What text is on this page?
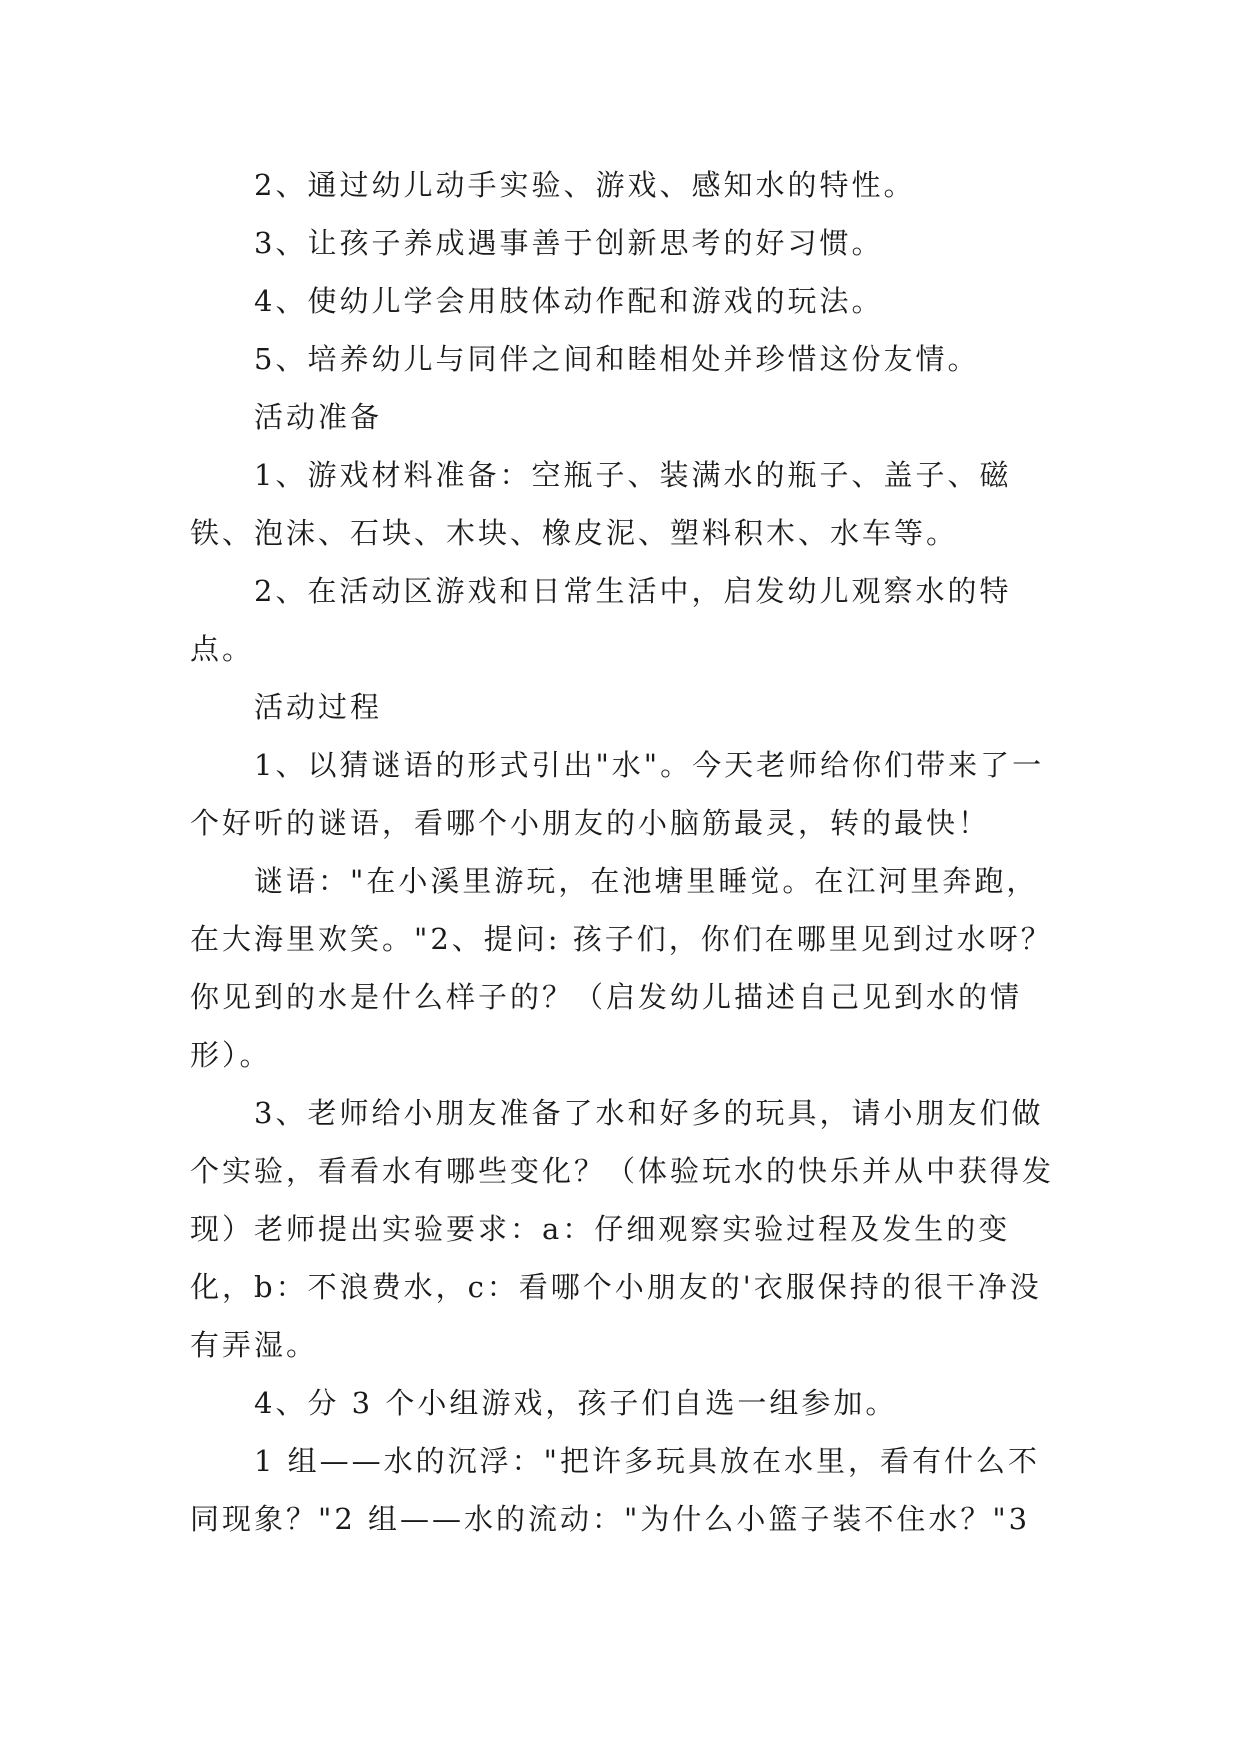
2、通过幼儿动手实验、游戏、感知水的特性。

3、让孩子养成遇事善于创新思考的好习惯。

4、使幼儿学会用肢体动作配和游戏的玩法。

5、培养幼儿与同伴之间和睦相处并珍惜这份友情。

活动准备

1、游戏材料准备：空瓶子、装满水的瓶子、盖子、磁铁、泡沫、石块、木块、橡皮泥、塑料积木、水车等。

2、在活动区游戏和日常生活中，启发幼儿观察水的特点。

活动过程

1、以猜谜语的形式引出"水"。今天老师给你们带来了一个好听的谜语，看哪个小朋友的小脑筋最灵，转的最快！

谜语："在小溪里游玩，在池塘里睡觉。在江河里奔跑，在大海里欢笑。"2、提问: 孩子们，你们在哪里见到过水呀？你见到的水是什么样子的？（启发幼儿描述自己见到水的情形）。

3、老师给小朋友准备了水和好多的玩具，请小朋友们做个实验，看看水有哪些变化？（体验玩水的快乐并从中获得发现）老师提出实验要求：a：仔细观察实验过程及发生的变化，b：不浪费水，c：看哪个小朋友的'衣服保持的很干净没有弄湿。

4、分 3 个小组游戏，孩子们自选一组参加。

1 组——水的沉浮："把许多玩具放在水里，看有什么不同现象？"2 组——水的流动："为什么小篮子装不住水？"3
